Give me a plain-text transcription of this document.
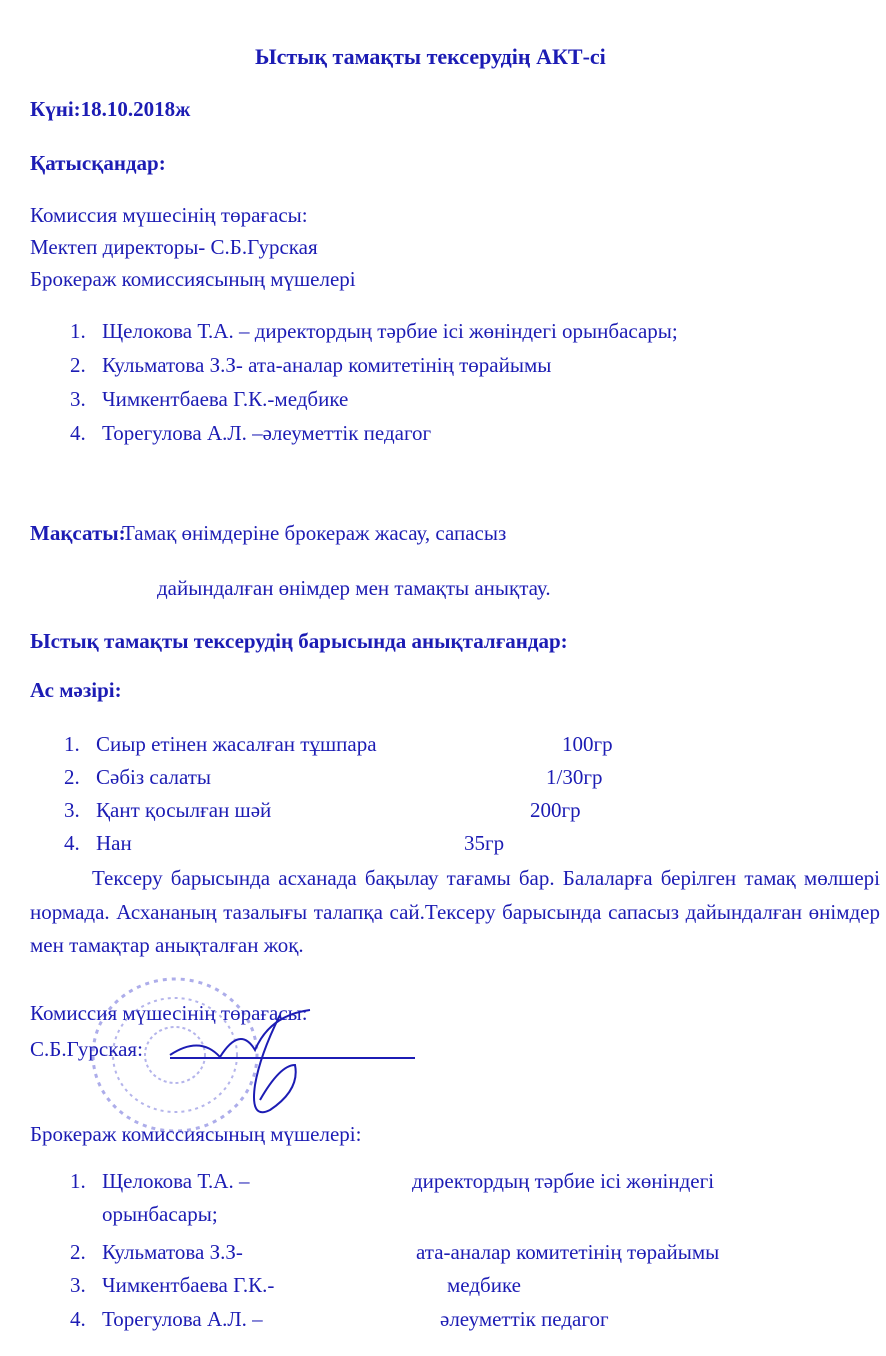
Ыстық тамақты тексерудің АКТ-сі
Күні:18.10.2018ж
Қатысқандар:
Комиссия мүшесінің төрағасы:
Мектеп директоры- С.Б.Гурская
Брокераж комиссиясының мүшелері
1. Щелокова Т.А. – директордың тәрбие ісі жөніндегі орынбасары;
2. Кульматова З.З- ата-аналар комитетінің төрайымы
3. Чимкентбаева Г.К.-медбике
4. Торегулова А.Л. –әлеуметтік педагог
Мақсаты:
Тамақ өнімдеріне брокераж жасау, сапасыз
дайындалған өнімдер мен тамақты анықтау.
Ыстық тамақты тексерудің барысында анықталғандар:
Ас мәзірі:
1. Сиыр етінен жасалған тұшпара	100гр
2. Сәбіз салаты	1/30гр
3. Қант қосылған шәй	200гр
4. Нан	35гр
Тексеру барысында асханада бақылау тағамы бар. Балаларға берілген тамақ мөлшері нормада. Асхананың тазалығы талапқа сай.Тексеру барысында сапасыз дайындалған өнімдер мен тамақтар анықталған жоқ.
Комиссия мүшесінің төрағасы:
С.Б.Гурская:
Брокераж комиссиясының мүшелері:
1. Щелокова Т.А. –	директордың тәрбие ісі жөніндегі
орынбасары;
2. Кульматова З.З-	ата-аналар комитетінің төрайымы
3. Чимкентбаева Г.К.-	медбике
4. Торегулова А.Л. –	әлеуметтік педагог
